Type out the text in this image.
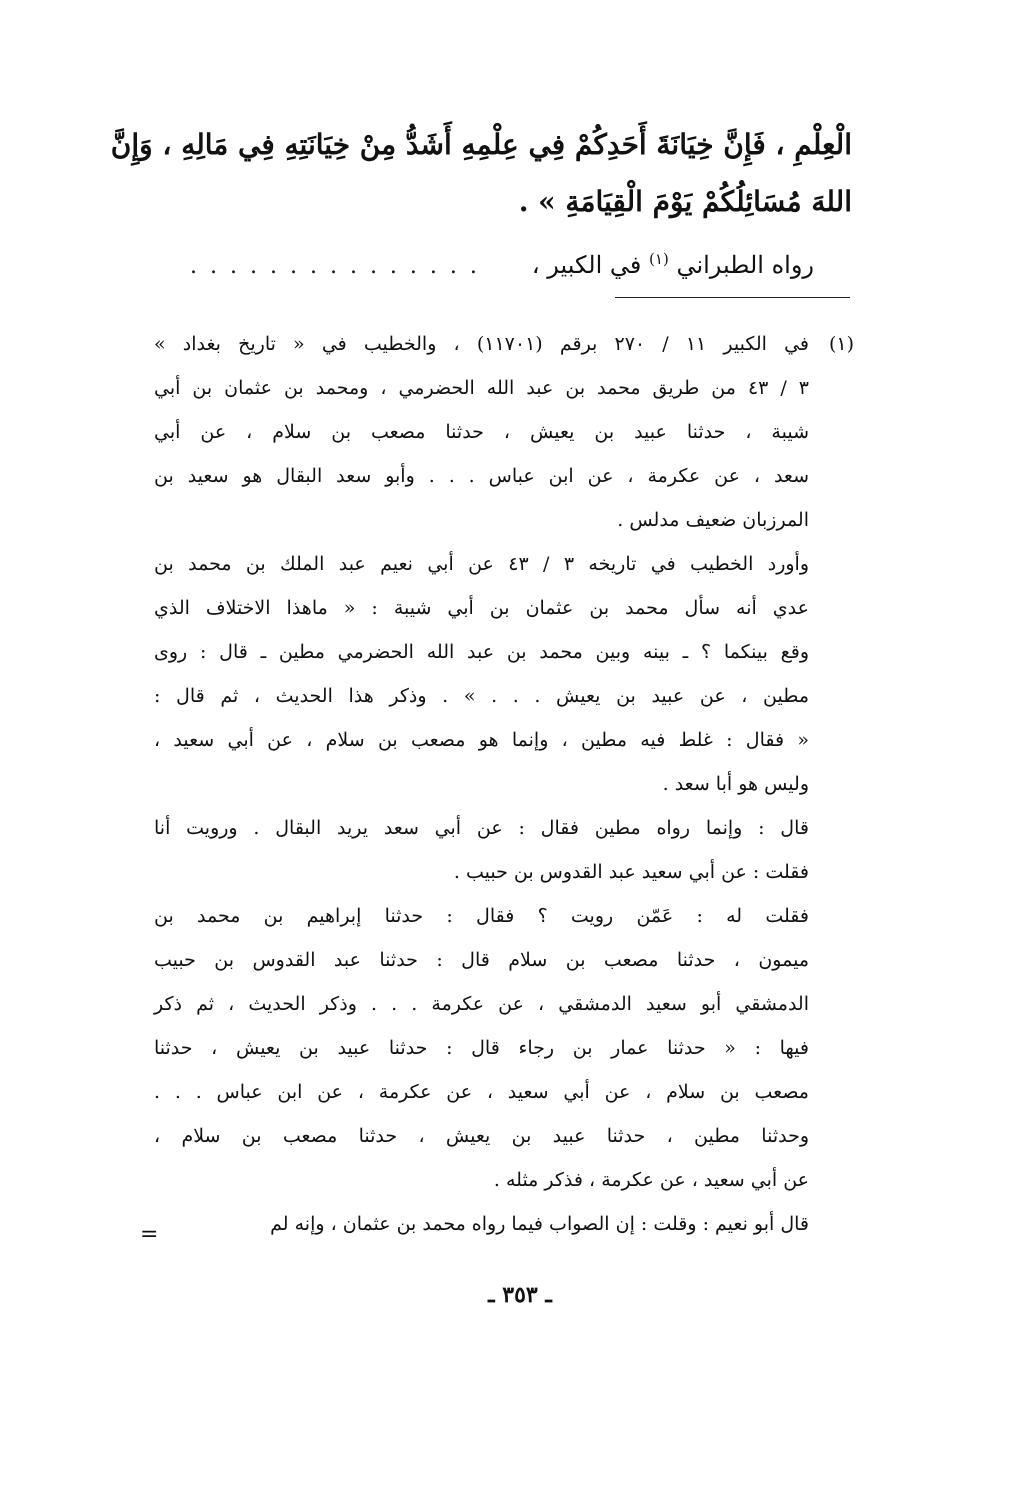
الْعِلْمِ ، فَإِنَّ خِيَانَةَ أَحَدِكُمْ فِي عِلْمِهِ أَشَدُّ مِنْ خِيَانَتِهِ فِي مَالِهِ ، وَإِنَّ
اللهَ مُسَائِلُكُمْ يَوْمَ الْقِيَامَةِ » .
رواه الطبراني $^{(١)}$ في الكبير ،
...............
(١)
في الكبير ١١ / ٢٧٠ برقم (١١٧٠١) ، والخطيب في « تاريخ بغداد »
٣ / ٤٣ من طريق محمد بن عبد الله الحضرمي ، ومحمد بن عثمان بن أبي
شيبة ، حدثنا عبيد بن يعيش ، حدثنا مصعب بن سلام ، عن أبي
سعد ، عن عكرمة ، عن ابن عباس . . . وأبو سعد البقال هو سعيد بن
المرزبان ضعيف مدلس .
وأورد الخطيب في تاريخه ٣ / ٤٣ عن أبي نعيم عبد الملك بن محمد بن
عدي أنه سأل محمد بن عثمان بن أبي شيبة : « ماهذا الاختلاف الذي
وقع بينكما ؟ ـ بينه وبين محمد بن عبد الله الحضرمي مطين ـ قال : روى
مطين ، عن عبيد بن يعيش . . . » . وذكر هذا الحديث ، ثم قال :
« فقال : غلط فيه مطين ، وإنما هو مصعب بن سلام ، عن أبي سعيد ،
وليس هو أبا سعد .
قال : وإنما رواه مطين فقال : عن أبي سعد يريد البقال . ورويت أنا
فقلت : عن أبي سعيد عبد القدوس بن حبيب .
فقلت له : عَمّن رويت ؟ فقال : حدثنا إبراهيم بن محمد بن
ميمون ، حدثنا مصعب بن سلام قال : حدثنا عبد القدوس بن حبيب
الدمشقي أبو سعيد الدمشقي ، عن عكرمة . . . وذكر الحديث ، ثم ذكر
فيها : « حدثنا عمار بن رجاء قال : حدثنا عبيد بن يعيش ، حدثنا
مصعب بن سلام ، عن أبي سعيد ، عن عكرمة ، عن ابن عباس . . .
وحدثنا مطين ، حدثنا عبيد بن يعيش ، حدثنا مصعب بن سلام ،
عن أبي سعيد ، عن عكرمة ، فذكر مثله .
قال أبو نعيم : وقلت : إن الصواب فيما رواه محمد بن عثمان ، وإنه لم
=
ـ ٣٥٣ ـ
